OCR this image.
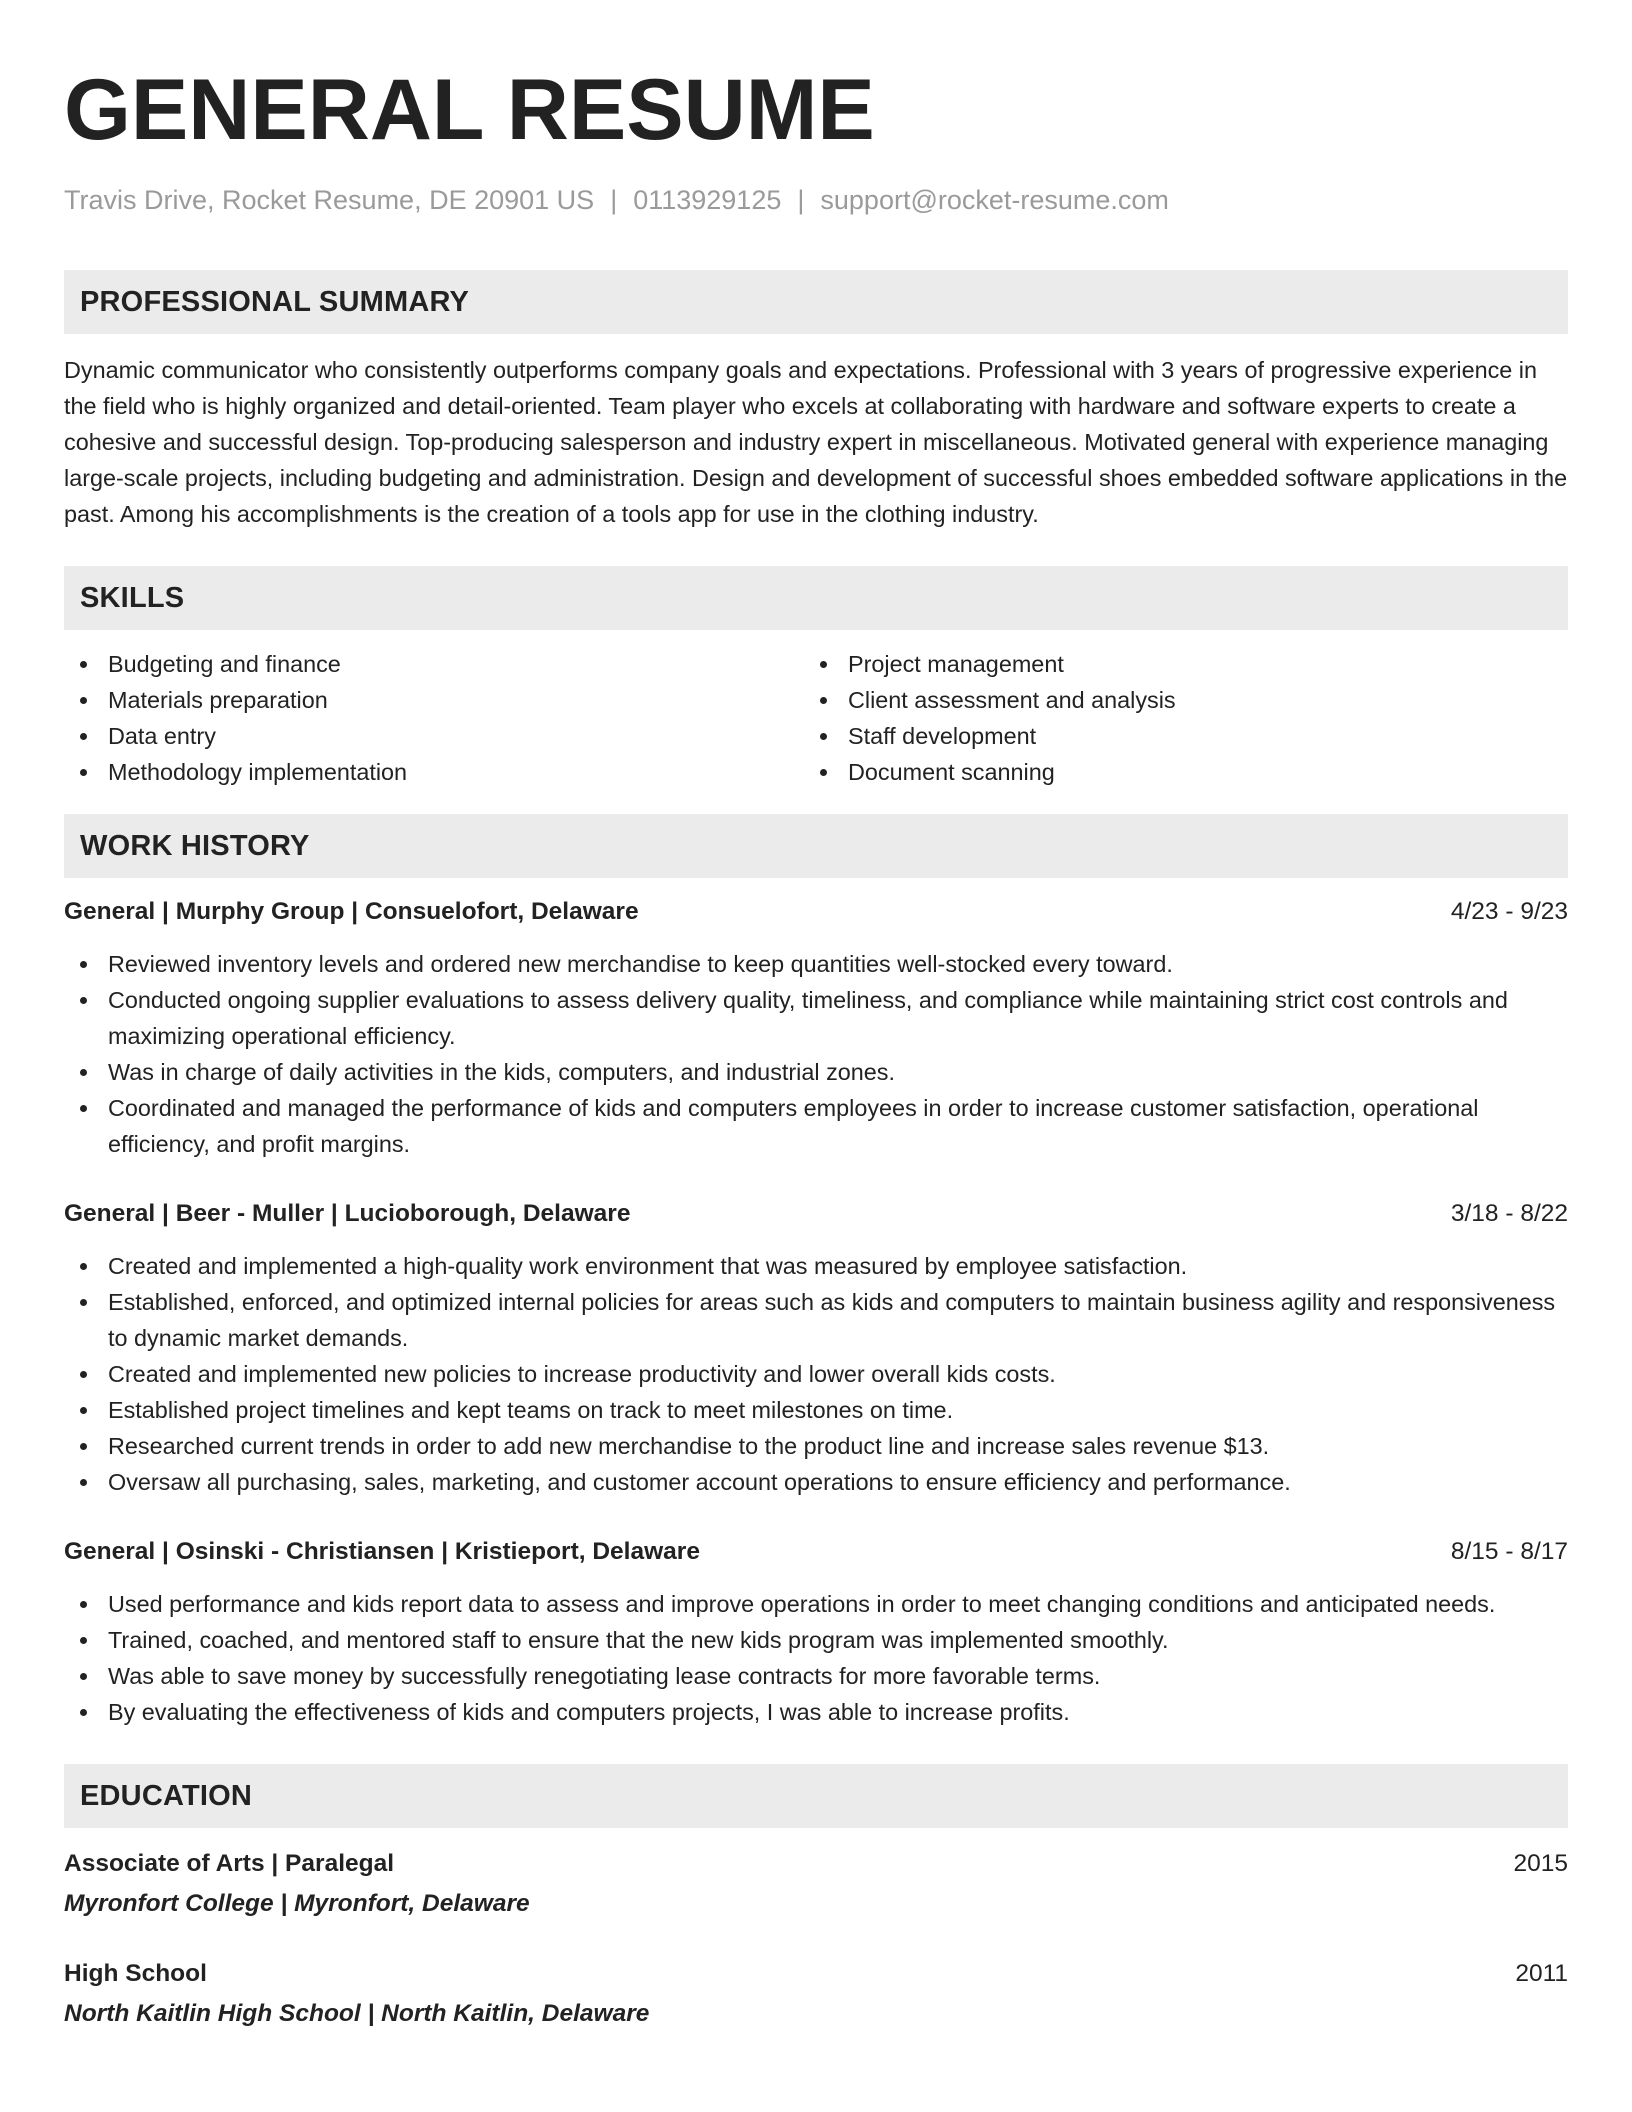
GENERAL RESUME
Travis Drive, Rocket Resume, DE 20901 US | 0113929125 | support@rocket-resume.com
PROFESSIONAL SUMMARY

Dynamic communicator who consistently outperforms company goals and expectations. Professional with 3 years of progressive experience in the field who is highly organized and detail-oriented. Team player who excels at collaborating with hardware and software experts to create a cohesive and successful design. Top-producing salesperson and industry expert in miscellaneous. Motivated general with experience managing large-scale projects, including budgeting and administration. Design and development of successful shoes embedded software applications in the past. Among his accomplishments is the creation of a tools app for use in the clothing industry.

SKILLS
Budgeting and finance
Materials preparation
Data entry
Methodology implementation
Project management
Client assessment and analysis
Staff development
Document scanning
WORK HISTORY
General | Murphy Group | Consuelofort, Delaware	4/23 - 9/23
Reviewed inventory levels and ordered new merchandise to keep quantities well-stocked every toward.
Conducted ongoing supplier evaluations to assess delivery quality, timeliness, and compliance while maintaining strict cost controls and maximizing operational efficiency.
Was in charge of daily activities in the kids, computers, and industrial zones.
Coordinated and managed the performance of kids and computers employees in order to increase customer satisfaction, operational efficiency, and profit margins.
General | Beer - Muller | Lucioborough, Delaware	3/18 - 8/22
Created and implemented a high-quality work environment that was measured by employee satisfaction.
Established, enforced, and optimized internal policies for areas such as kids and computers to maintain business agility and responsiveness to dynamic market demands.
Created and implemented new policies to increase productivity and lower overall kids costs.
Established project timelines and kept teams on track to meet milestones on time.
Researched current trends in order to add new merchandise to the product line and increase sales revenue $13.
Oversaw all purchasing, sales, marketing, and customer account operations to ensure efficiency and performance.
General | Osinski - Christiansen | Kristieport, Delaware	8/15 - 8/17
Used performance and kids report data to assess and improve operations in order to meet changing conditions and anticipated needs.
Trained, coached, and mentored staff to ensure that the new kids program was implemented smoothly.
Was able to save money by successfully renegotiating lease contracts for more favorable terms.
By evaluating the effectiveness of kids and computers projects, I was able to increase profits.
EDUCATION
Associate of Arts | Paralegal	2015
Myronfort College | Myronfort, Delaware
High School	2011
North Kaitlin High School | North Kaitlin, Delaware
